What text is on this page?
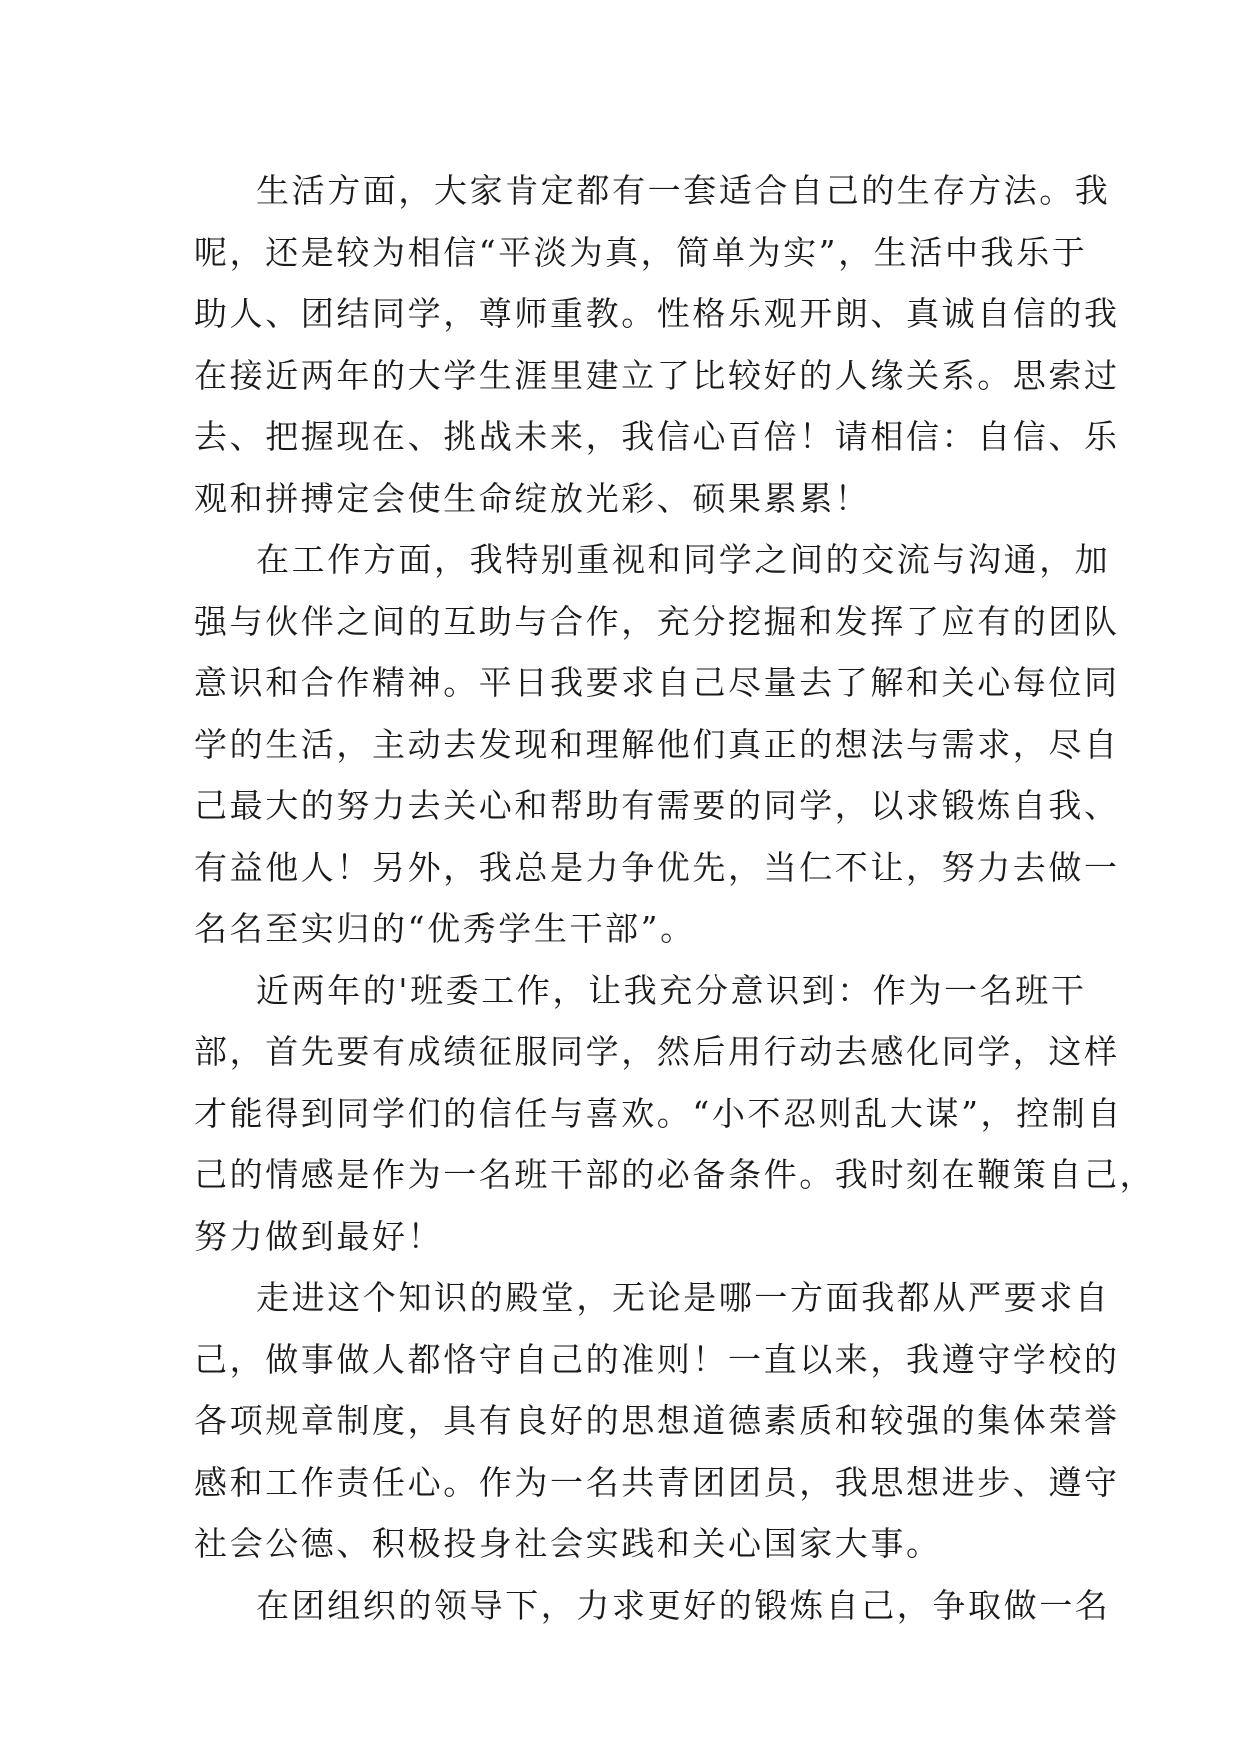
生活方面，大家肯定都有一套适合自己的生存方法。我
呢，还是较为相信“平淡为真，简单为实”，生活中我乐于
助人、团结同学，尊师重教。性格乐观开朗、真诚自信的我
在接近两年的大学生涯里建立了比较好的人缘关系。思索过
去、把握现在、挑战未来，我信心百倍！请相信：自信、乐
观和拼搏定会使生命绽放光彩、硕果累累！
在工作方面，我特别重视和同学之间的交流与沟通，加
强与伙伴之间的互助与合作，充分挖掘和发挥了应有的团队
意识和合作精神。平日我要求自己尽量去了解和关心每位同
学的生活，主动去发现和理解他们真正的想法与需求，尽自
己最大的努力去关心和帮助有需要的同学，以求锻炼自我、
有益他人！另外，我总是力争优先，当仁不让，努力去做一
名名至实归的“优秀学生干部”。
近两年的'班委工作，让我充分意识到：作为一名班干
部，首先要有成绩征服同学，然后用行动去感化同学，这样
才能得到同学们的信任与喜欢。“小不忍则乱大谋”，控制自
己的情感是作为一名班干部的必备条件。我时刻在鞭策自己，
努力做到最好！
走进这个知识的殿堂，无论是哪一方面我都从严要求自
己，做事做人都恪守自己的准则！一直以来，我遵守学校的
各项规章制度，具有良好的思想道德素质和较强的集体荣誉
感和工作责任心。作为一名共青团团员，我思想进步、遵守
社会公德、积极投身社会实践和关心国家大事。
在团组织的领导下，力求更好的锻炼自己，争取做一名
